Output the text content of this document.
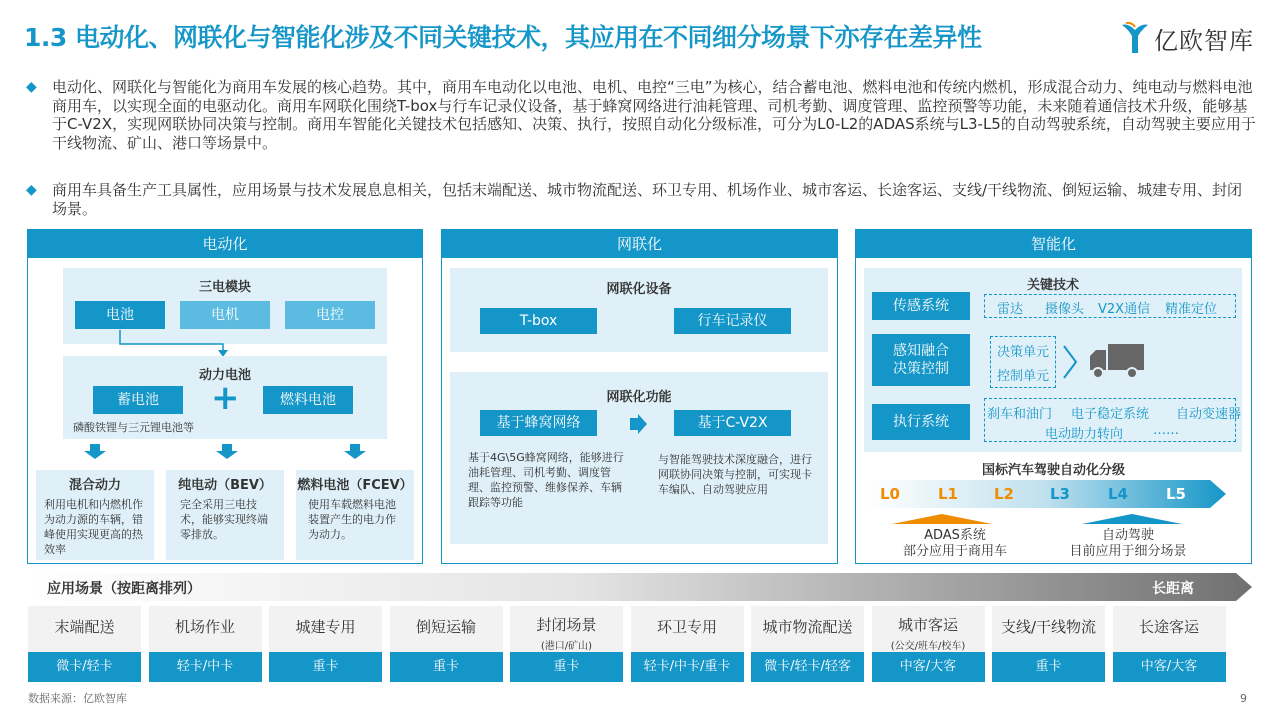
1.3 电动化、网联化与智能化涉及不同关键技术，其应用在不同细分场景下亦存在差异性	亿欧智库
◆	电动化、网联化与智能化为商用车发展的核心趋势。其中，商用车电动化以电池、电机、电控“三电”为核心，结合蓄电池、燃料电池和传统内燃机，形成混合动力、纯电动与燃料电池商用车，以实现全面的电驱动化。商用车网联化围绕T-box与行车记录仪设备，基于蜂窝网络进行油耗管理、司机考勤、调度管理、监控预警等功能，未来随着通信技术升级，能够基于C-V2X，实现网联协同决策与控制。商用车智能化关键技术包括感知、决策、执行，按照自动化分级标准，可分为L0-L2的ADAS系统与L3-L5的自动驾驶系统，自动驾驶主要应用于干线物流、矿山、港口等场景中。
◆	商用车具备生产工具属性，应用场景与技术发展息息相关，包括末端配送、城市物流配送、环卫专用、机场作业、城市客运、长途客运、支线/干线物流、倒短运输、城建专用、封闭场景。
电动化
三电模块
电池	电机	电控
动力电池
蓄电池	+	燃料电池
磷酸铁锂与三元锂电池等
混合动力
利用电机和内燃机作为动力源的车辆，错峰使用实现更高的热效率
纯电动（BEV）
完全采用三电技术，能够实现终端零排放。
燃料电池（FCEV）
使用车载燃料电池装置产生的电力作为动力。
网联化
网联化设备
T-box	行车记录仪
网联化功能
基于蜂窝网络	基于C-V2X
基于4G\5G蜂窝网络，能够进行油耗管理、司机考勤、调度管理、监控预警、维修保养、车辆跟踪等功能
与智能驾驶技术深度融合，进行网联协同决策与控制，可实现卡车编队、自动驾驶应用
智能化
关键技术
传感系统	雷达 摄像头 V2X通信 精准定位
感知融合
决策控制
决策单元
控制单元
执行系统	刹车和油门 电子稳定系统 自动变速器
电动助力转向 ……
国标汽车驾驶自动化分级
L0	L1 L2 L3	L4	L5
ADAS系统
部分应用于商用车
自动驾驶
目前应用于细分场景
应用场景（按距离排列）	长距离
末端配送
微卡/轻卡
机场作业
轻卡/中卡
城建专用
重卡
倒短运输
重卡
封闭场景
(港口/矿山)
重卡
环卫专用
轻卡/中卡/重卡
城市物流配送
微卡/轻卡/轻客
城市客运
(公交/班车/校车)
中客/大客
支线/干线物流
重卡
长途客运
中客/大客
数据来源：亿欧智库	9
